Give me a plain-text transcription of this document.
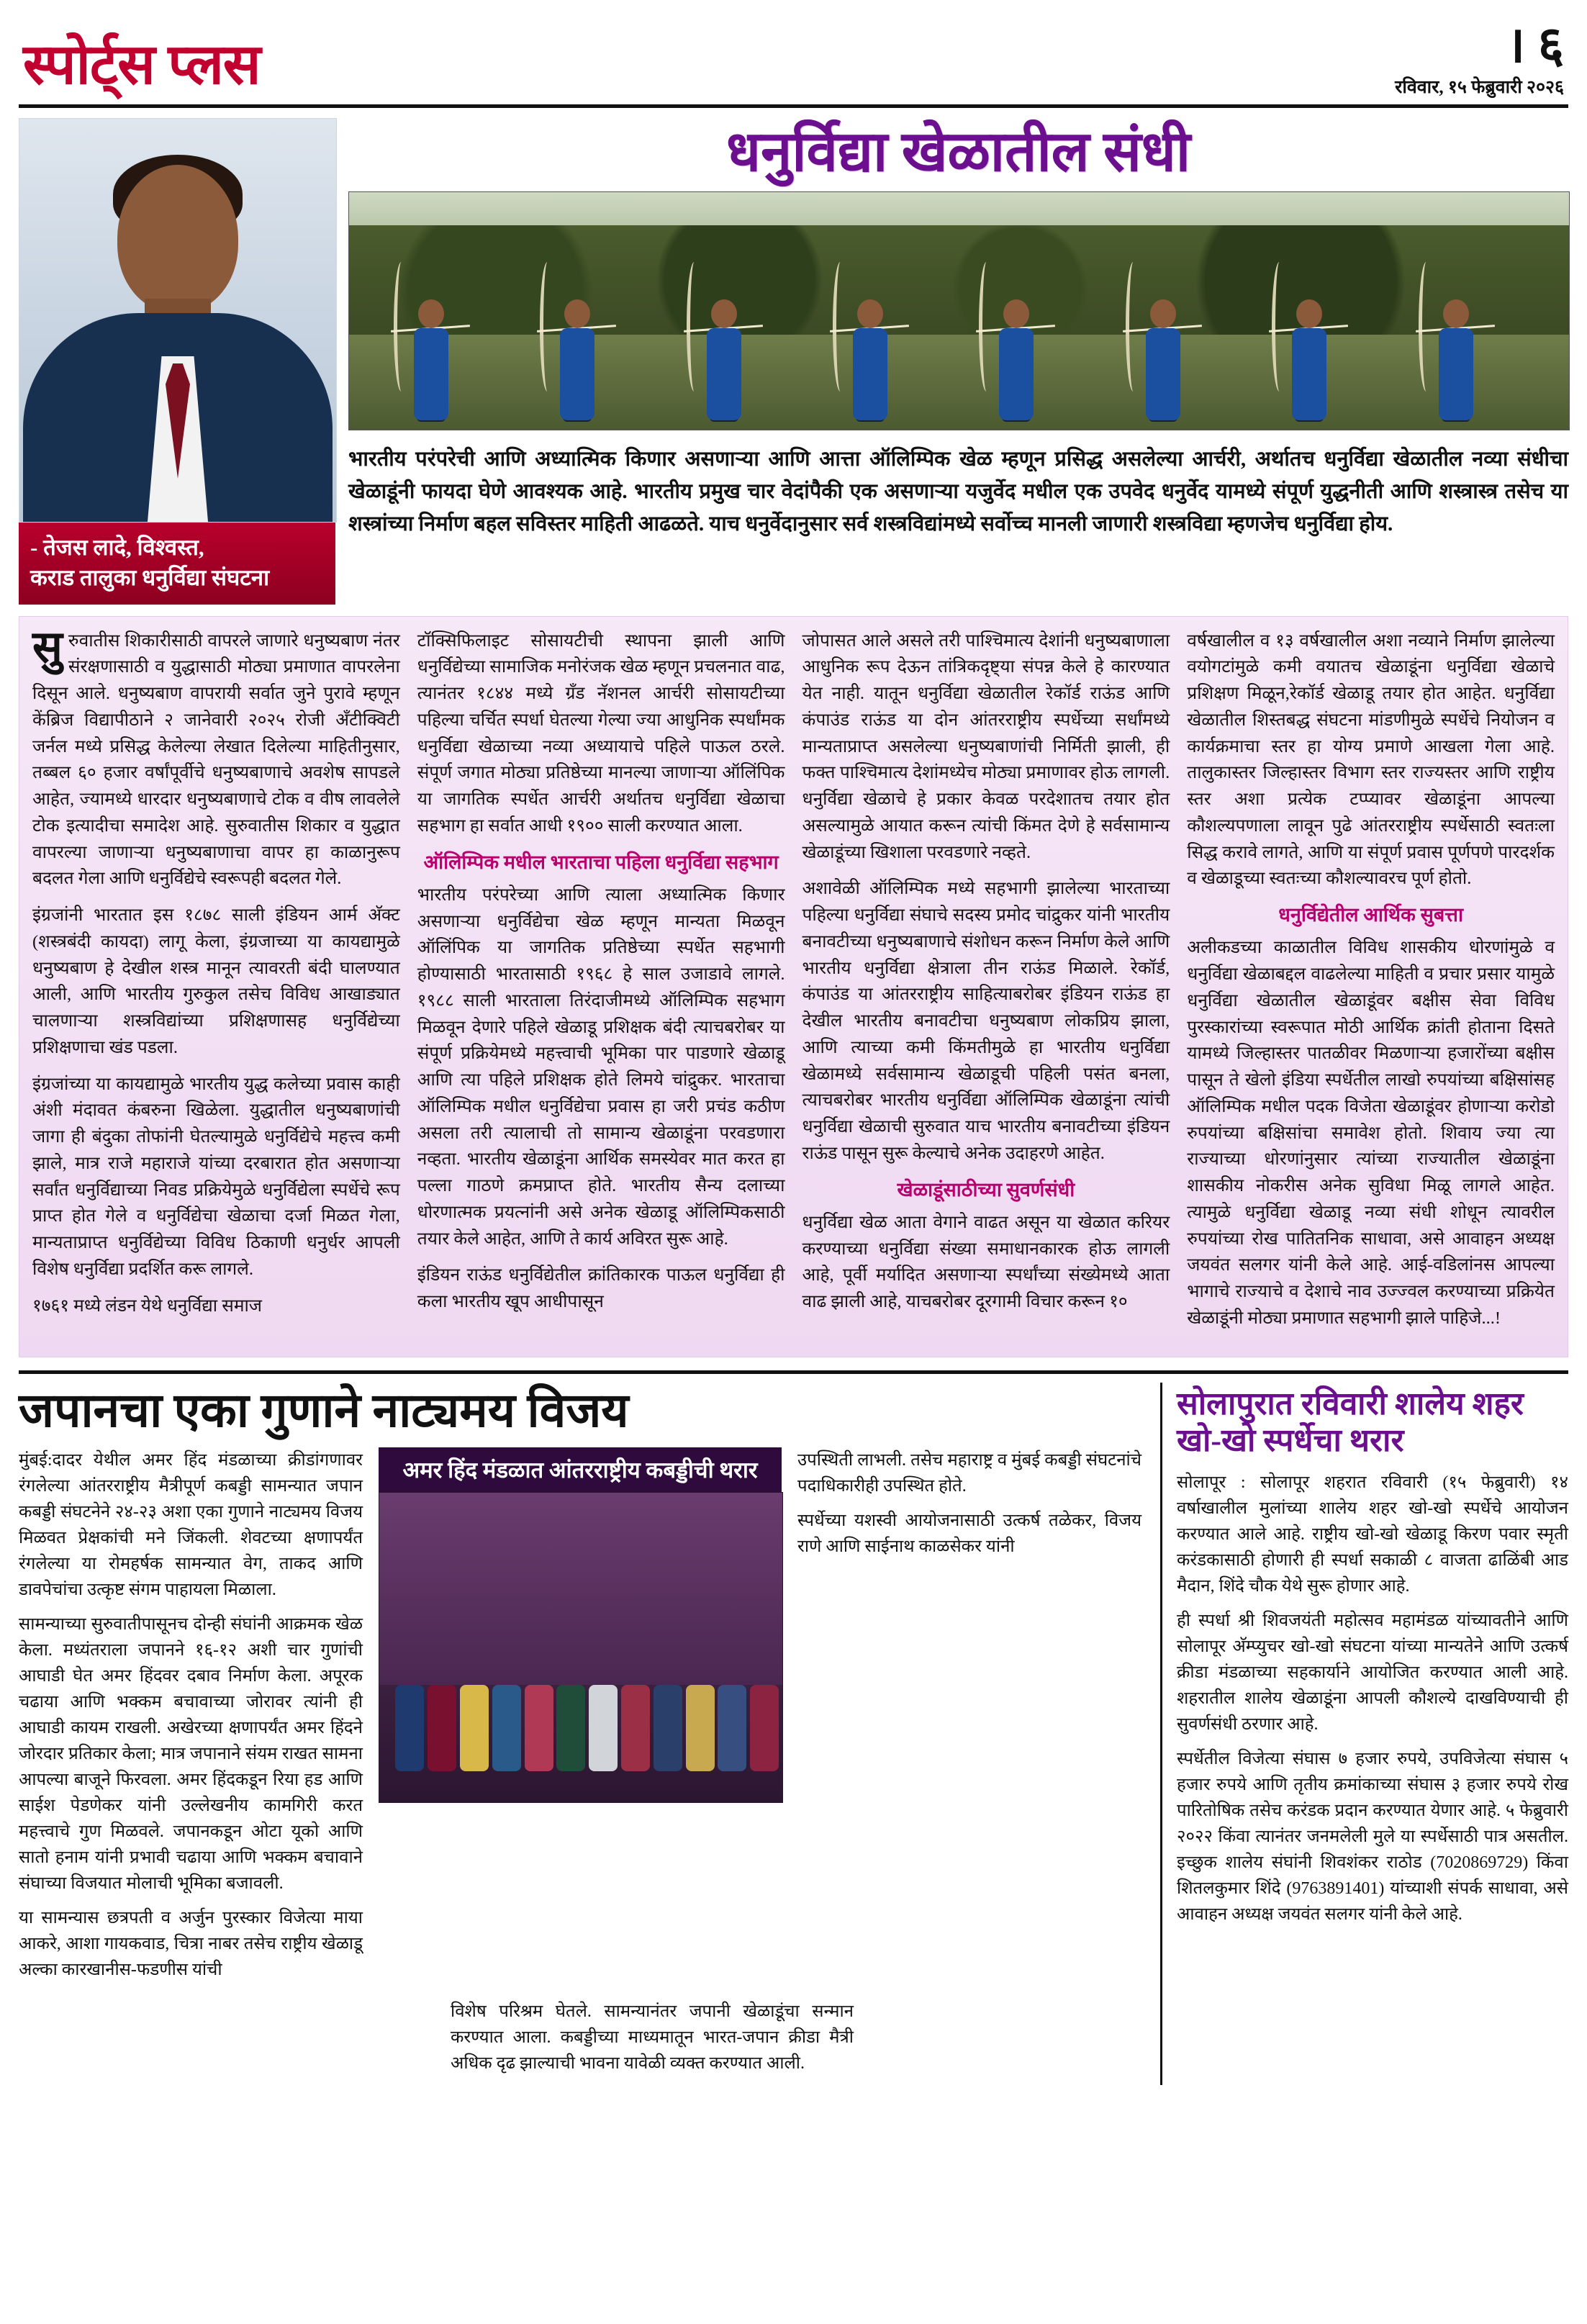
स्पोर्ट्स प्लस	। ६
रविवार, १५ फेब्रुवारी २०२६
- तेजस लादे, विश्वस्त,
कराड तालुका धनुर्विद्या संघटना
धनुर्विद्या खेळातील संधी
भारतीय परंपरेची आणि अध्यात्मिक किणार असणाऱ्या आणि आत्ता ऑलिम्पिक खेळ म्हणून प्रसिद्ध असलेल्या आर्चरी, अर्थातच धनुर्विद्या खेळातील नव्या संधीचा खेळाडूंनी फायदा घेणे आवश्यक आहे. भारतीय प्रमुख चार वेदांपैकी एक असणाऱ्या यजुर्वेद मधील एक उपवेद धनुर्वेद यामध्ये संपूर्ण युद्धनीती आणि शस्त्रास्त्र तसेच या शस्त्रांच्या निर्माण बहल सविस्तर माहिती आढळते. याच धनुर्वेदानुसार सर्व शस्त्रविद्यांमध्ये सर्वोच्च मानली जाणारी शस्त्रविद्या म्हणजेच धनुर्विद्या होय.

सुरुवातीस शिकारीसाठी वापरले जाणारे धनुष्यबाण नंतर संरक्षणासाठी व युद्धासाठी मोठ्या प्रमाणात वापरलेना दिसून आले. धनुष्यबाण वापरायी सर्वात जुने पुरावे म्हणून केंब्रिज विद्यापीठाने २ जानेवारी २०२५ रोजी अँटीक्विटी जर्नल मध्ये प्रसिद्ध केलेल्या लेखात दिलेल्या माहितीनुसार, तब्बल ६० हजार वर्षांपूर्वीचे धनुष्यबाणाचे अवशेष सापडले आहेत, ज्यामध्ये धारदार धनुष्यबाणाचे टोक व वीष लावलेले टोक इत्यादीचा समादेश आहे. सुरुवातीस शिकार व युद्धात वापरल्या जाणाऱ्या धनुष्यबाणाचा वापर हा काळानुरूप बदलत गेला आणि धनुर्विद्येचे स्वरूपही बदलत गेले.

इंग्रजांनी भारतात इस १८७८ साली इंडियन आर्म अ‍ॅक्ट (शस्त्रबंदी कायदा) लागू केला, इंग्रजाच्या या कायद्यामुळे धनुष्यबाण हे देखील शस्त्र मानून त्यावरती बंदी घालण्यात आली, आणि भारतीय गुरुकुल तसेच विविध आखाड्यात चालणाऱ्या शस्त्रविद्यांच्या प्रशिक्षणासह धनुर्विद्येच्या प्रशिक्षणाचा खंड पडला.

इंग्रजांच्या या कायद्यामुळे भारतीय युद्ध कलेच्या प्रवास काही अंशी मंदावत कंबरुना खिळेला. युद्धातील धनुष्यबाणांची जागा ही बंदुका तोफांनी घेतल्यामुळे धनुर्विद्येचे महत्त्व कमी झाले, मात्र राजे महाराजे यांच्या दरबारात होत असणाऱ्या सर्वांत धनुर्विद्याच्या निवड प्रक्रियेमुळे धनुर्विद्येला स्पर्धेचे रूप प्राप्त होत गेले व धनुर्विद्येचा खेळाचा दर्जा मिळत गेला, मान्यताप्राप्त धनुर्विद्येच्या विविध ठिकाणी धनुर्धर आपली विशेष धनुर्विद्या प्रदर्शित करू लागले.

१७६१ मध्ये लंडन येथे धनुर्विद्या समाज

टॉक्सिफिलाइट सोसायटीची स्थापना झाली आणि धनुर्विद्येच्या सामाजिक मनोरंजक खेळ म्हणून प्रचलनात वाढ, त्यानंतर १८४४ मध्ये ग्रँड नॅशनल आर्चरी सोसायटीच्या पहिल्या चर्चित स्पर्धा घेतल्या गेल्या ज्या आधुनिक स्पर्धांमक धनुर्विद्या खेळाच्या नव्या अध्यायाचे पहिले पाऊल ठरले. संपूर्ण जगात मोठ्या प्रतिष्ठेच्या मानल्या जाणाऱ्या ऑलिंपिक या जागतिक स्पर्धेत आर्चरी अर्थातच धनुर्विद्या खेळाचा सहभाग हा सर्वात आधी १९०० साली करण्यात आला.

ऑलिम्पिक मधील भारताचा पहिला धनुर्विद्या सहभाग

भारतीय परंपरेच्या आणि त्याला अध्यात्मिक किणार असणाऱ्या धनुर्विद्येचा खेळ म्हणून मान्यता मिळवून ऑलिंपिक या जागतिक प्रतिष्ठेच्या स्पर्धेत सहभागी होण्यासाठी भारतासाठी १९६८ हे साल उजाडावे लागले. १९८८ साली भारताला तिरंदाजीमध्ये ऑलिम्पिक सहभाग मिळवून देणारे पहिले खेळाडू प्रशिक्षक बंदी त्याचबरोबर या संपूर्ण प्रक्रियेमध्ये महत्त्वाची भूमिका पार पाडणारे खेळाडू आणि त्या पहिले प्रशिक्षक होते लिमये चांद्रुकर. भारताचा ऑलिम्पिक मधील धनुर्विद्येचा प्रवास हा जरी प्रचंड कठीण असला तरी त्यालाची तो सामान्य खेळाडूंना परवडणारा नव्हता. भारतीय खेळाडूंना आर्थिक समस्येवर मात करत हा पल्ला गाठणे क्रमप्राप्त होते. भारतीय सैन्य दलाच्या धोरणात्मक प्रयत्नांनी असे अनेक खेळाडू ऑलिम्पिकसाठी तयार केले आहेत, आणि ते कार्य अविरत सुरू आहे.

इंडियन राऊंड धनुर्विद्येतील क्रांतिकारक पाऊल धनुर्विद्या ही कला भारतीय खूप आधीपासून

जोपासत आले असले तरी पाश्चिमात्य देशांनी धनुष्यबाणाला आधुनिक रूप देऊन तांत्रिकदृष्ट्या संपन्न केले हे कारण्यात येत नाही. यातून धनुर्विद्या खेळातील रेकॉर्ड राऊंड आणि कंपाउंड राऊंड या दोन आंतरराष्ट्रीय स्पर्धेच्या सर्धांमध्ये मान्यताप्राप्त असलेल्या धनुष्यबाणांची निर्मिती झाली, ही फक्त पाश्चिमात्य देशांमध्येच मोठ्या प्रमाणावर होऊ लागली. धनुर्विद्या खेळाचे हे प्रकार केवळ परदेशातच तयार होत असल्यामुळे आयात करून त्यांची किंमत देणे हे सर्वसामान्य खेळाडूंच्या खिशाला परवडणारे नव्हते.

अशावेळी ऑलिम्पिक मध्ये सहभागी झालेल्या भारताच्या पहिल्या धनुर्विद्या संघाचे सदस्य प्रमोद चांद्रुकर यांनी भारतीय बनावटीच्या धनुष्यबाणाचे संशोधन करून निर्माण केले आणि भारतीय धनुर्विद्या क्षेत्राला तीन राऊंड मिळाले. रेकॉर्ड, कंपाउंड या आंतरराष्ट्रीय साहित्याबरोबर इंडियन राऊंड हा देखील भारतीय बनावटीचा धनुष्यबाण लोकप्रिय झाला, आणि त्याच्या कमी किंमतीमुळे हा भारतीय धनुर्विद्या खेळामध्ये सर्वसामान्य खेळाडूची पहिली पसंत बनला, त्याचबरोबर भारतीय धनुर्विद्या ऑलिम्पिक खेळाडूंना त्यांची धनुर्विद्या खेळाची सुरुवात याच भारतीय बनावटीच्या इंडियन राऊंड पासून सुरू केल्याचे अनेक उदाहरणे आहेत.

खेळाडूंसाठीच्या सुवर्णसंधी

धनुर्विद्या खेळ आता वेगाने वाढत असून या खेळात करियर करण्याच्या धनुर्विद्या संख्या समाधानकारक होऊ लागली आहे, पूर्वी मर्यादित असणाऱ्या स्पर्धांच्या संख्येमध्ये आता वाढ झाली आहे, याचबरोबर दूरगामी विचार करून १०

वर्षखालील व १३ वर्षखालील अशा नव्याने निर्माण झालेल्या वयोगटांमुळे कमी वयातच खेळाडूंना धनुर्विद्या खेळाचे प्रशिक्षण मिळून,रेकॉर्ड खेळाडू तयार होत आहेत. धनुर्विद्या खेळातील शिस्तबद्ध संघटना मांडणीमुळे स्पर्धेचे नियोजन व कार्यक्रमाचा स्तर हा योग्य प्रमाणे आखला गेला आहे. तालुकास्तर जिल्हास्तर विभाग स्तर राज्यस्तर आणि राष्ट्रीय स्तर अशा प्रत्येक टप्प्यावर खेळाडूंना आपल्या कौशल्यपणाला लावून पुढे आंतरराष्ट्रीय स्पर्धेसाठी स्वतःला सिद्ध करावे लागते, आणि या संपूर्ण प्रवास पूर्णपणे पारदर्शक व खेळाडूच्या स्वतःच्या कौशल्यावरच पूर्ण होतो.

धनुर्विद्येतील आर्थिक सुबत्ता

अलीकडच्या काळातील विविध शासकीय धोरणांमुळे व धनुर्विद्या खेळाबद्दल वाढलेल्या माहिती व प्रचार प्रसार यामुळे धनुर्विद्या खेळातील खेळाडूंवर बक्षीस सेवा विविध पुरस्कारांच्या स्वरूपात मोठी आर्थिक क्रांती होताना दिसते यामध्ये जिल्हास्तर पातळीवर मिळणाऱ्या हजारोंच्या बक्षीस पासून ते खेलो इंडिया स्पर्धेतील लाखो रुपयांच्या बक्षिसांसह ऑलिम्पिक मधील पदक विजेता खेळाडूंवर होणाऱ्या करोडो रुपयांच्या बक्षिसांचा समावेश होतो. शिवाय ज्या त्या राज्याच्या धोरणांनुसार त्यांच्या राज्यातील खेळाडूंना शासकीय नोकरीस अनेक सुविधा मिळू लागले आहेत. त्यामुळे धनुर्विद्या खेळाडू नव्या संधी शोधून त्यावरील रुपयांच्या रोख पातितनिक साधावा, असे आवाहन अध्यक्ष जयवंत सलगर यांनी केले आहे. आई-वडिलांनस आपल्या भागाचे राज्याचे व देशाचे नाव उज्ज्वल करण्याच्या प्रक्रियेत खेळाडूंनी मोठ्या प्रमाणात सहभागी झाले पाहिजे...!

जपानचा एका गुणाने नाट्यमय विजय

मुंबई:दादर येथील अमर हिंद मंडळाच्या क्रीडांगणावर रंगलेल्या आंतरराष्ट्रीय मैत्रीपूर्ण कबड्डी सामन्यात जपान कबड्डी संघटनेने २४-२३ अशा एका गुणाने नाट्यमय विजय मिळवत प्रेक्षकांची मने जिंकली. शेवटच्या क्षणापर्यंत रंगलेल्या या रोमहर्षक सामन्यात वेग, ताकद आणि डावपेचांचा उत्कृष्ट संगम पाहायला मिळाला.

सामन्याच्या सुरुवातीपासूनच दोन्ही संघांनी आक्रमक खेळ केला. मध्यंतराला जपानने १६-१२ अशी चार गुणांची आघाडी घेत अमर हिंदवर दबाव निर्माण केला. अपूरक चढाया आणि भक्कम बचावाच्या जोरावर त्यांनी ही आघाडी कायम राखली. अखेरच्या क्षणापर्यंत अमर हिंदने जोरदार प्रतिकार केला; मात्र जपानाने संयम राखत सामना आपल्या बाजूने फिरवला. अमर हिंदकडून रिया हड आणि साईश पेडणेकर यांनी उल्लेखनीय कामगिरी करत महत्त्वाचे गुण मिळवले. जपानकडून ओटा यूको आणि सातो हनाम यांनी प्रभावी चढाया आणि भक्कम बचावाने संघाच्या विजयात मोलाची भूमिका बजावली.

या सामन्यास छत्रपती व अर्जुन पुरस्कार विजेत्या माया आकरे, आशा गायकवाड, चित्रा नाबर तसेच राष्ट्रीय खेळाडू अल्का कारखानीस-फडणीस यांची

अमर हिंद मंडळात आंतरराष्ट्रीय कबड्डीची थरार	उपस्थिती लाभली. तसेच महाराष्ट्र व मुंबई कबड्डी संघटनांचे पदाधिकारीही उपस्थित होते.

स्पर्धेच्या यशस्वी आयोजनासाठी उत्कर्ष तळेकर, विजय राणे आणि साईनाथ काळसेकर यांनी

विशेष परिश्रम घेतले. सामन्यानंतर जपानी खेळाडूंचा सन्मान करण्यात आला. कबड्डीच्या माध्यमातून भारत-जपान क्रीडा मैत्री अधिक दृढ झाल्याची भावना यावेळी व्यक्त करण्यात आली.

सोलापुरात रविवारी शालेय शहर खो-खो स्पर्धेचा थरार

सोलापूर : सोलापूर शहरात रविवारी (१५ फेब्रुवारी) १४ वर्षाखालील मुलांच्या शालेय शहर खो-खो स्पर्धेचे आयोजन करण्यात आले आहे. राष्ट्रीय खो-खो खेळाडू किरण पवार स्मृती करंडकासाठी होणारी ही स्पर्धा सकाळी ८ वाजता ढाळिंबी आड मैदान, शिंदे चौक येथे सुरू होणार आहे.

ही स्पर्धा श्री शिवजयंती महोत्सव महामंडळ यांच्यावतीने आणि सोलापूर अ‍ॅम्प्युचर खो-खो संघटना यांच्या मान्यतेने आणि उत्कर्ष क्रीडा मंडळाच्या सहकार्याने आयोजित करण्यात आली आहे. शहरातील शालेय खेळाडूंना आपली कौशल्ये दाखविण्याची ही सुवर्णसंधी ठरणार आहे.

स्पर्धेतील विजेत्या संघास ७ हजार रुपये, उपविजेत्या संघास ५ हजार रुपये आणि तृतीय क्रमांकाच्या संघास ३ हजार रुपये रोख पारितोषिक तसेच करंडक प्रदान करण्यात येणार आहे. ५ फेब्रुवारी २०२२ किंवा त्यानंतर जनमलेली मुले या स्पर्धेसाठी पात्र असतील. इच्छुक शालेय संघांनी शिवशंकर राठोड (7020869729) किंवा शितलकुमार शिंदे (9763891401) यांच्याशी संपर्क साधावा, असे आवाहन अध्यक्ष जयवंत सलगर यांनी केले आहे.
